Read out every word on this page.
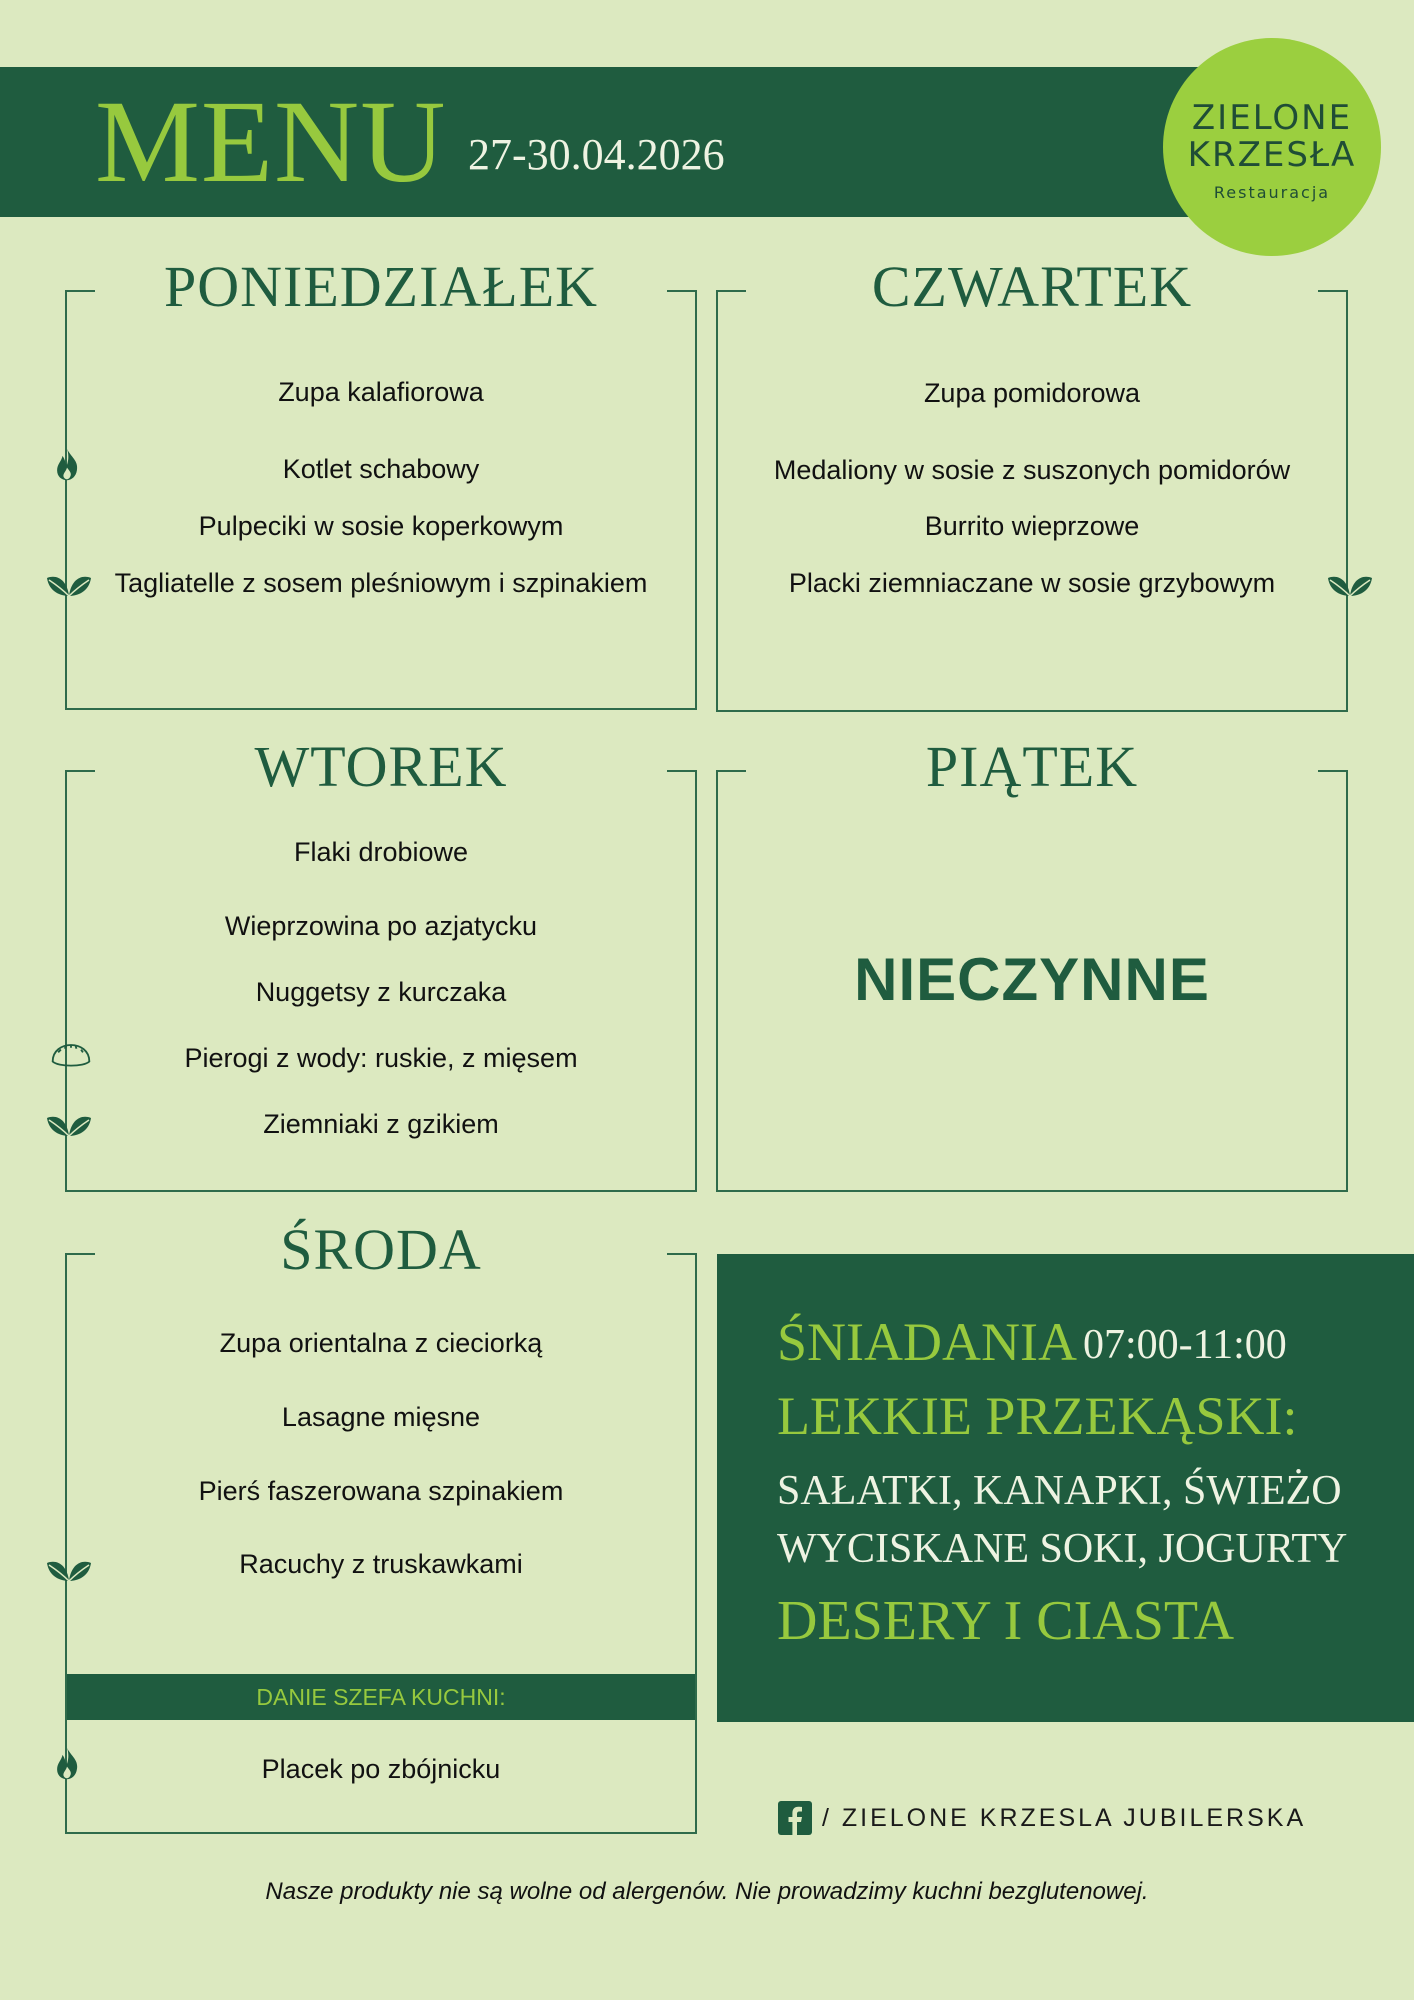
MENU 27-30.04.2026
ZIELONE
KRZESŁA
Restauracja
PONIEDZIAŁEK
Zupa kalafiorowa
Kotlet schabowy
Pulpeciki w sosie koperkowym
Tagliatelle z sosem pleśniowym i szpinakiem
CZWARTEK
Zupa pomidorowa
Medaliony w sosie z suszonych pomidorów
Burrito wieprzowe
Placki ziemniaczane w sosie grzybowym
WTOREK
Flaki drobiowe
Wieprzowina po azjatycku
Nuggetsy z kurczaka
Pierogi z wody: ruskie, z mięsem
Ziemniaki z gzikiem
PIĄTEK
NIECZYNNE
ŚRODA
Zupa orientalna z cieciorką
Lasagne mięsne
Pierś faszerowana szpinakiem
Racuchy z truskawkami
DANIE SZEFA KUCHNI:
Placek po zbójnicku
ŚNIADANIA 07:00-11:00
LEKKIE PRZEKĄSKI:
SAŁATKI, KANAPKI, ŚWIEŻO
WYCISKANE SOKI, JOGURTY
DESERY I CIASTA
/ ZIELONE KRZESLA JUBILERSKA
Nasze produkty nie są wolne od alergenów. Nie prowadzimy kuchni bezglutenowej.
